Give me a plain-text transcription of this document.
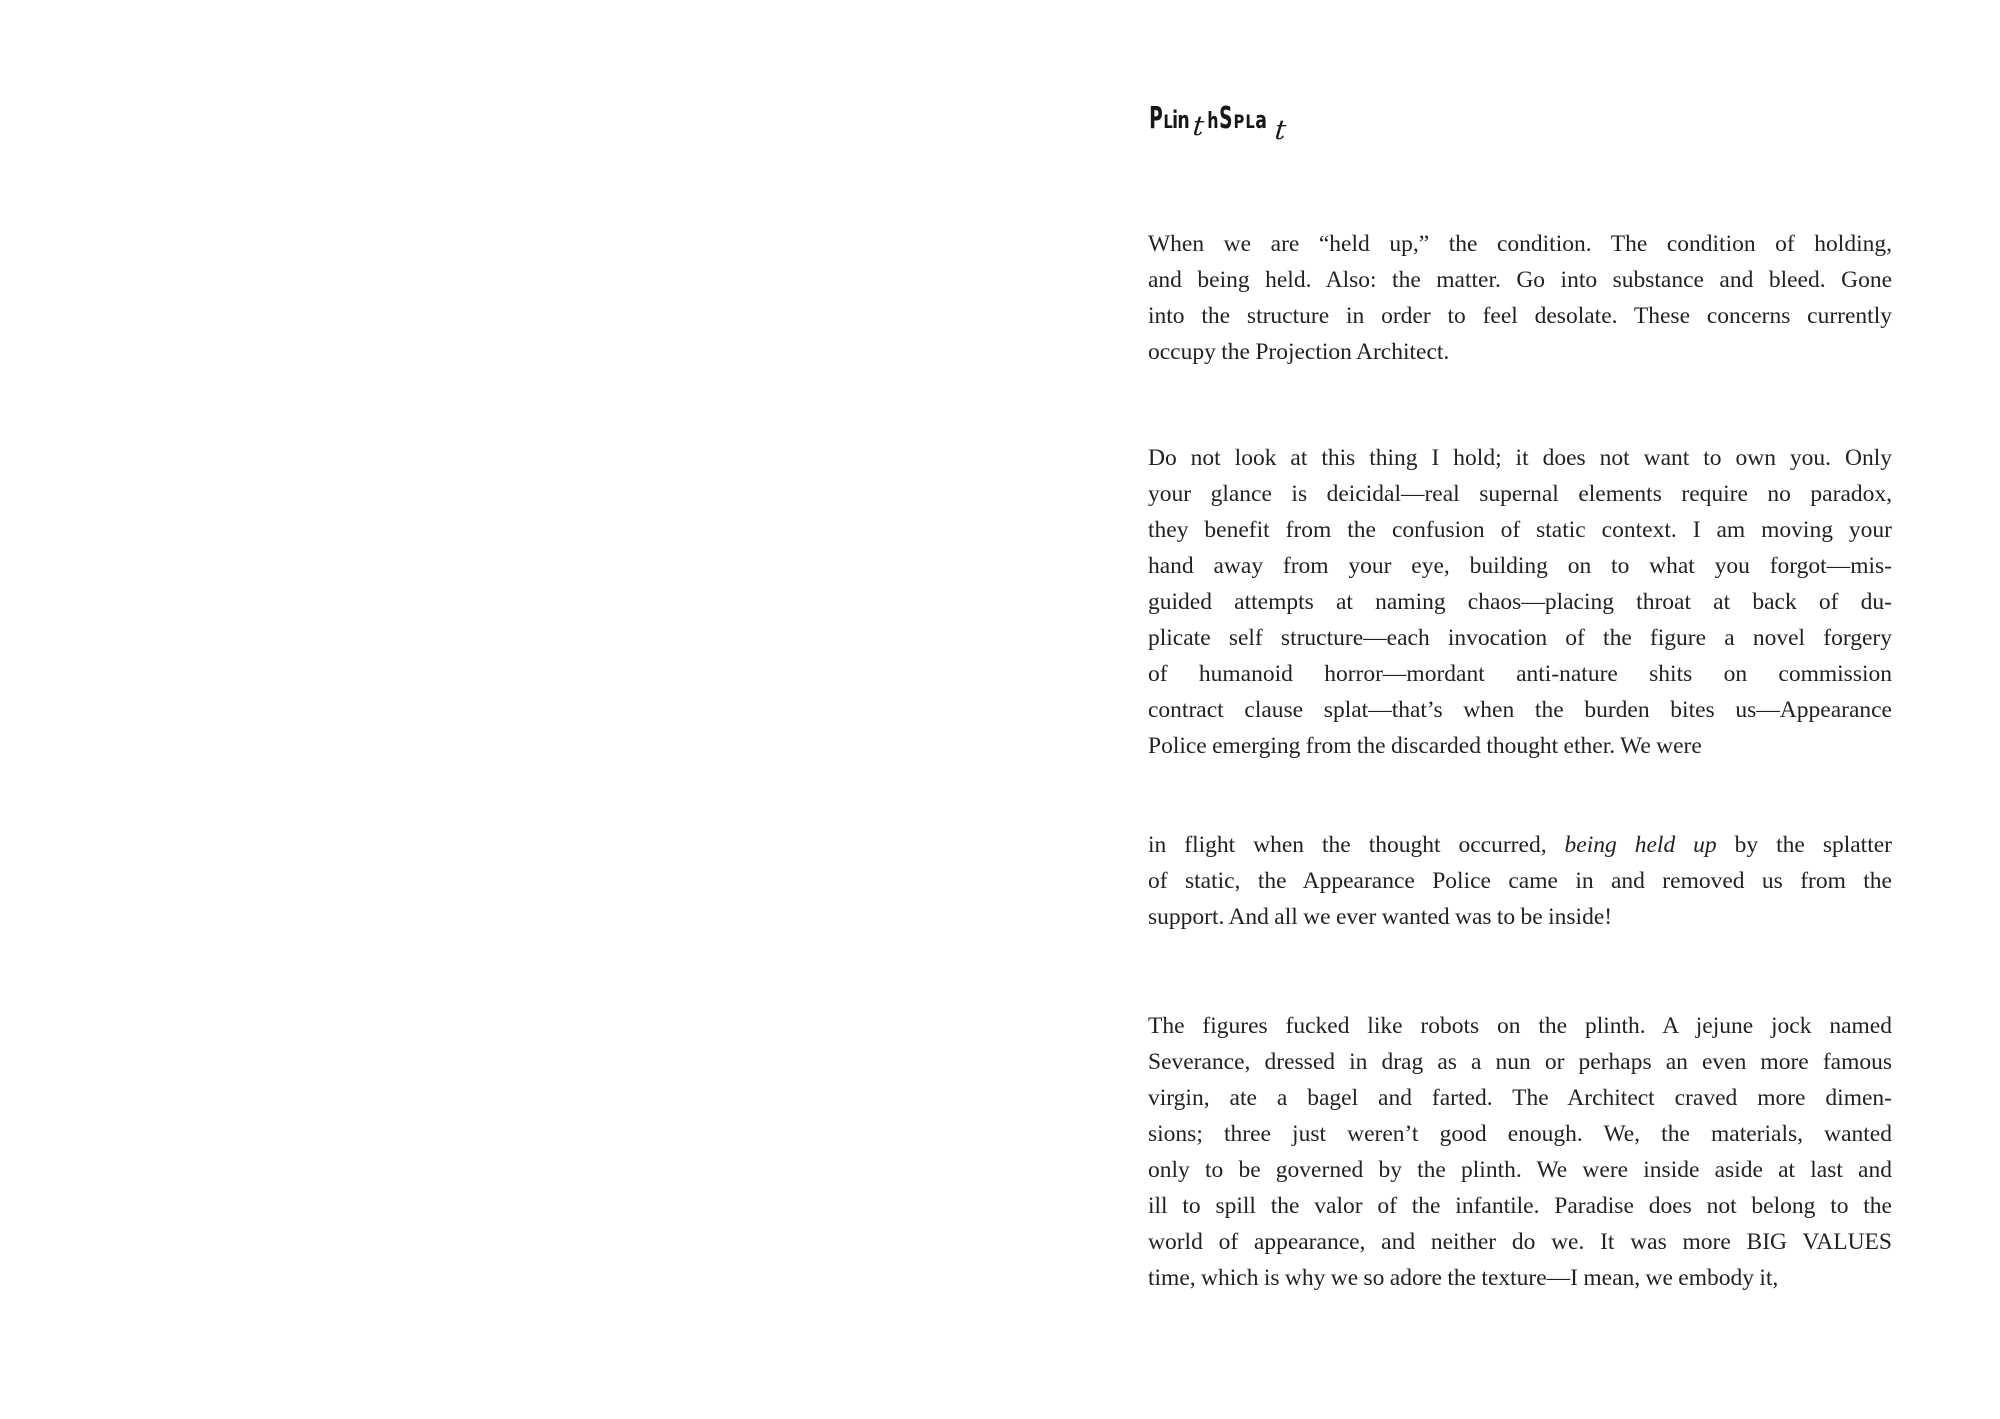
P L i n t h S P L a t
When we are “held up,” the condition. The condition of holding,
and being held. Also: the matter. Go into substance and bleed. Gone
into the structure in order to feel desolate. These concerns currently
occupy the Projection Architect.
Do not look at this thing I hold; it does not want to own you. Only
your glance is deicidal—real supernal elements require no paradox,
they benefit from the confusion of static context. I am moving your
hand away from your eye, building on to what you forgot—mis-
guided attempts at naming chaos—placing throat at back of du-
plicate self structure—each invocation of the figure a novel forgery
of humanoid horror—mordant anti-nature shits on commission
contract clause splat—that’s when the burden bites us—Appearance
Police emerging from the discarded thought ether. We were
in flight when the thought occurred, being held up by the splatter
of static, the Appearance Police came in and removed us from the
support. And all we ever wanted was to be inside!
The figures fucked like robots on the plinth. A jejune jock named
Severance, dressed in drag as a nun or perhaps an even more famous
virgin, ate a bagel and farted. The Architect craved more dimen-
sions; three just weren’t good enough. We, the materials, wanted
only to be governed by the plinth. We were inside aside at last and
ill to spill the valor of the infantile. Paradise does not belong to the
world of appearance, and neither do we. It was more BIG VALUES
time, which is why we so adore the texture—I mean, we embody it,
